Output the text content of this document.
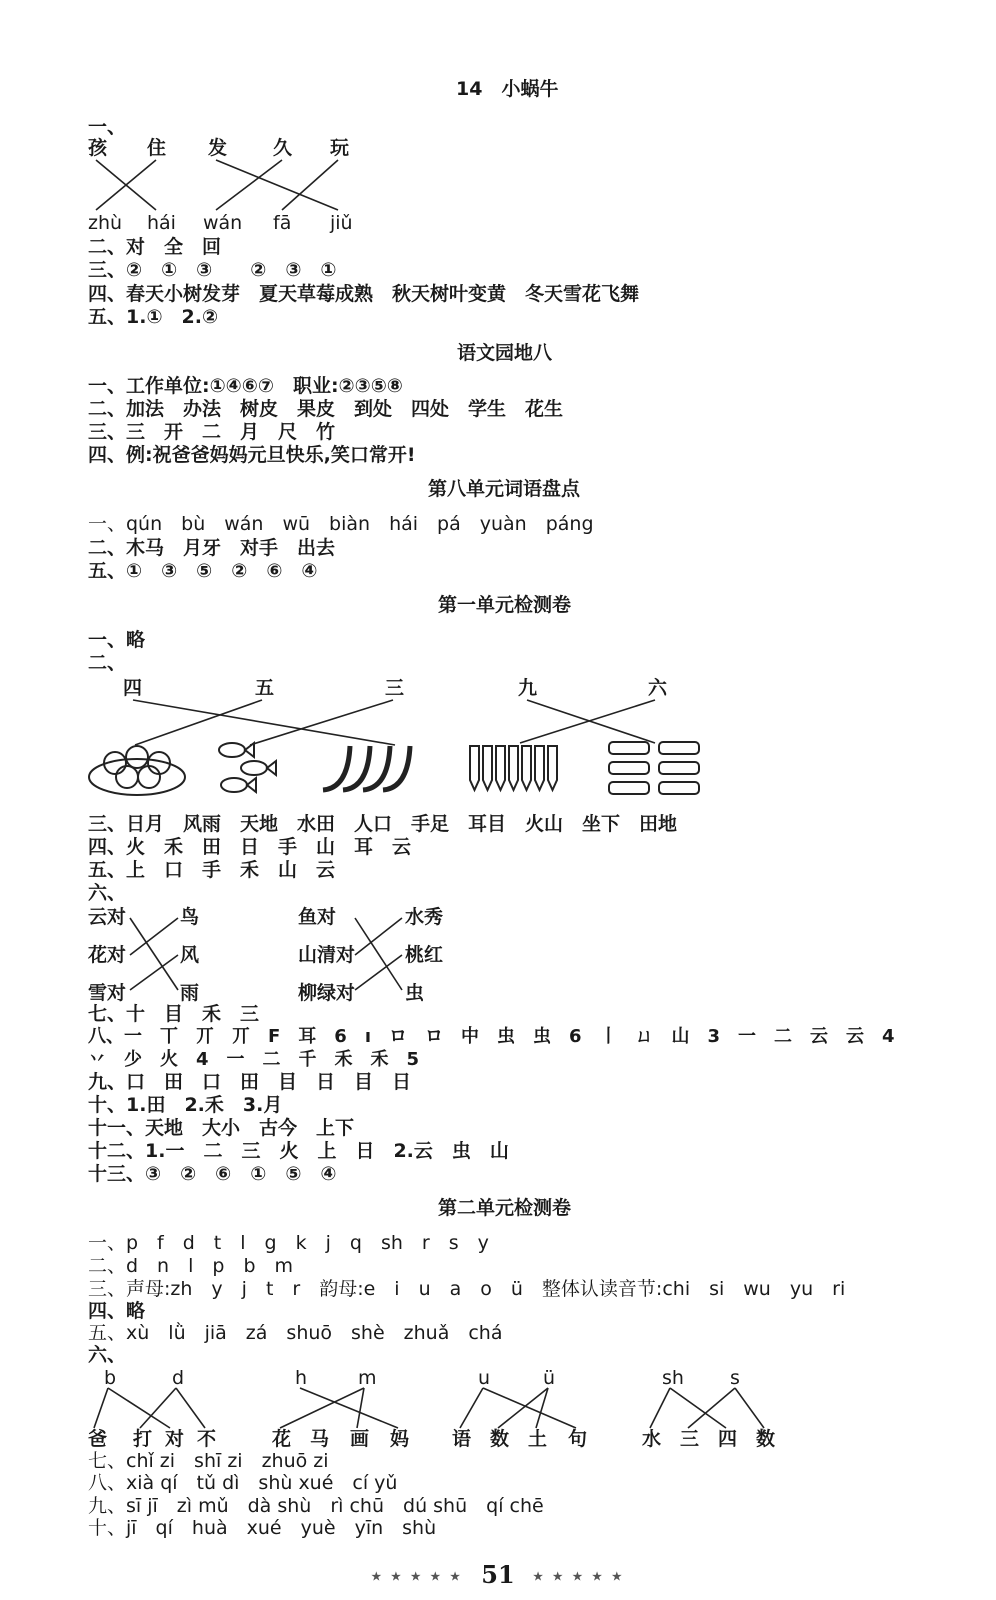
14　小蜗牛
一、
孩 住 发 久 玩
zhù hái wán fā jiǔ
二、对　全　回
三、②　①　③　　②　③　①
四、春天小树发芽　夏天草莓成熟　秋天树叶变黄　冬天雪花飞舞
五、1.①　2.②
语文园地八
一、工作单位:①④⑥⑦　职业:②③⑤⑧
二、加法　办法　树皮　果皮　到处　四处　学生　花生
三、三　开　二　月　尺　竹
四、例:祝爸爸妈妈元旦快乐,笑口常开!
第八单元词语盘点
一、qún　bù　wán　wū　biàn　hái　pá　yuàn　páng
二、木马　月牙　对手　出去
五、①　③　⑤　②　⑥　④
第一单元检测卷
一、略
二、
四	五	三	九	六
三、日月　风雨　天地　水田　人口　手足　耳目　火山　坐下　田地
四、火　禾　田　日　手　山　耳　云
五、上　口　手　禾　山　云
六、
云对
花对
雪对
鸟
风
雨
鱼对
山清对
柳绿对
水秀
桃红
虫
七、十　目　禾　三
八、一　丅　丌　丌　F　耳　6　ı　ロ　ロ　中　虫　虫　6　丨　ㄩ　山　3　一　二　云　云　4
丷　少　火　4　一　二　千　禾　禾　5
九、口　田　口　田　目　日　目　日
十、1.田　2.禾　3.月
十一、天地　大小　古今　上下
十二、1.一　二　三　火　上　日　2.云　虫　山
十三、③　②　⑥　①　⑤　④
第二单元检测卷
一、p　f　d　t　l　g　k　j　q　sh　r　s　y
二、d　n　l　p　b　m
三、声母:zh　y　j　t　r　韵母:e　i　u　a　o　ü　整体认读音节:chi　si　wu　yu　ri
四、略
五、xù　lǜ　jiā　zá　shuō　shè　zhuǎ　chá
六、
b	d	h	m	u	ü	sh s
爸 打 对 不	花 马 画 妈 语 数 土 句	水 三 四 数
七、chǐ zi　shī zi　zhuō zi
八、xià qí　tǔ dì　shù xué　cí yǔ
九、sī jī　zì mǔ　dà shù　rì chū　dú shū　qí chē
十、jī　qí　huà　xué　yuè　yīn　shù
★ ★ ★ ★ ★ 51 ★ ★ ★ ★ ★
